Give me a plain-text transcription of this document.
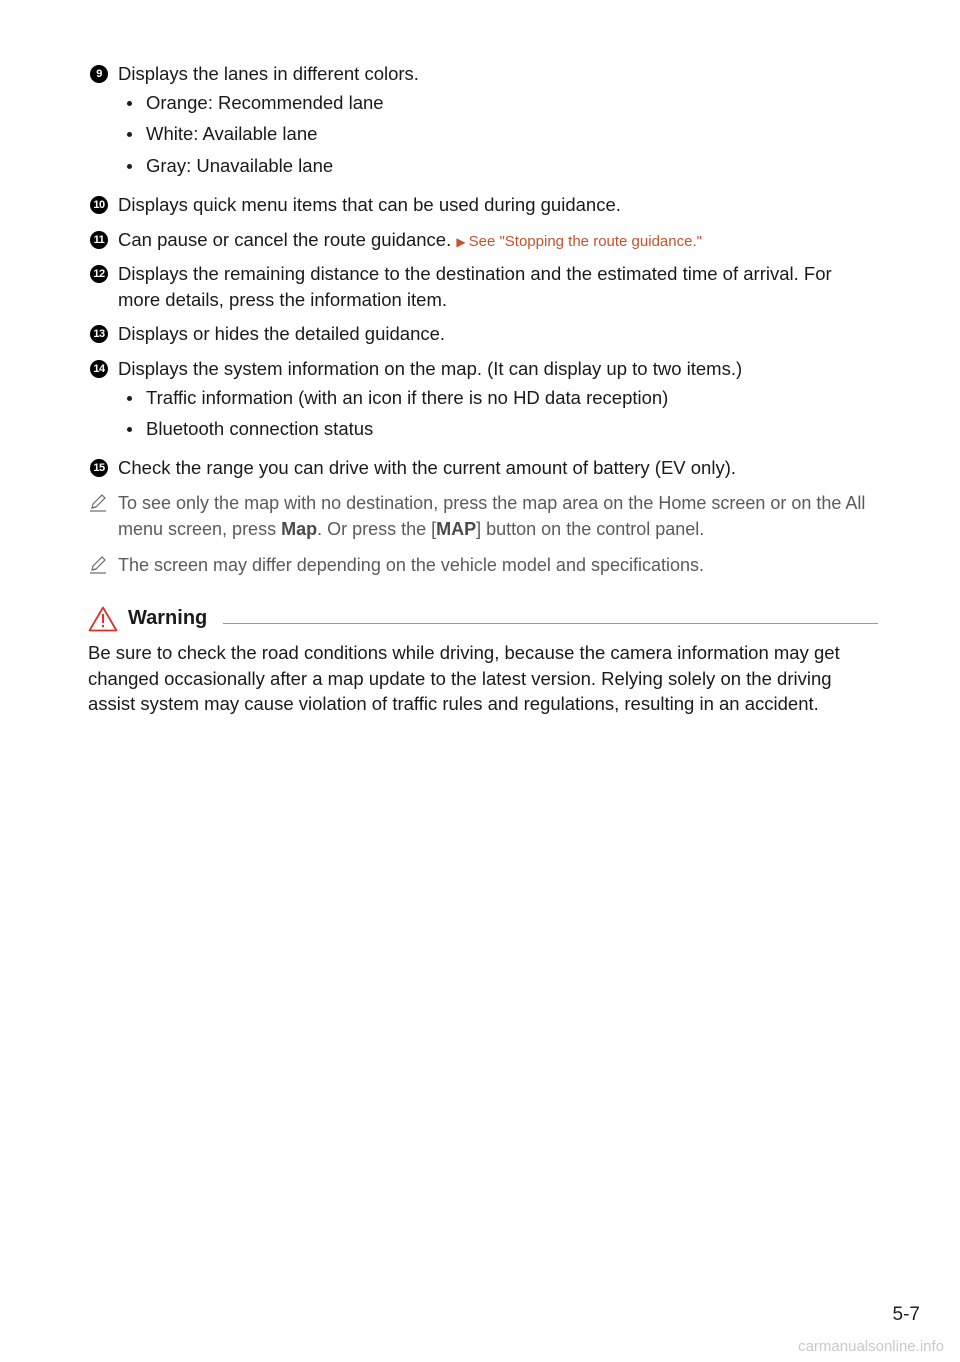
9 Displays the lanes in different colors.
Orange: Recommended lane
White: Available lane
Gray: Unavailable lane
10 Displays quick menu items that can be used during guidance.
11 Can pause or cancel the route guidance. ▶ See "Stopping the route guidance."
12 Displays the remaining distance to the destination and the estimated time of arrival. For more details, press the information item.
13 Displays or hides the detailed guidance.
14 Displays the system information on the map. (It can display up to two items.)
Traffic information (with an icon if there is no HD data reception)
Bluetooth connection status
15 Check the range you can drive with the current amount of battery (EV only).
To see only the map with no destination, press the map area on the Home screen or on the All menu screen, press Map. Or press the [MAP] button on the control panel.
The screen may differ depending on the vehicle model and specifications.
Warning
Be sure to check the road conditions while driving, because the camera information may get changed occasionally after a map update to the latest version. Relying solely on the driving assist system may cause violation of traffic rules and regulations, resulting in an accident.
5-7
carmanualsonline.info
